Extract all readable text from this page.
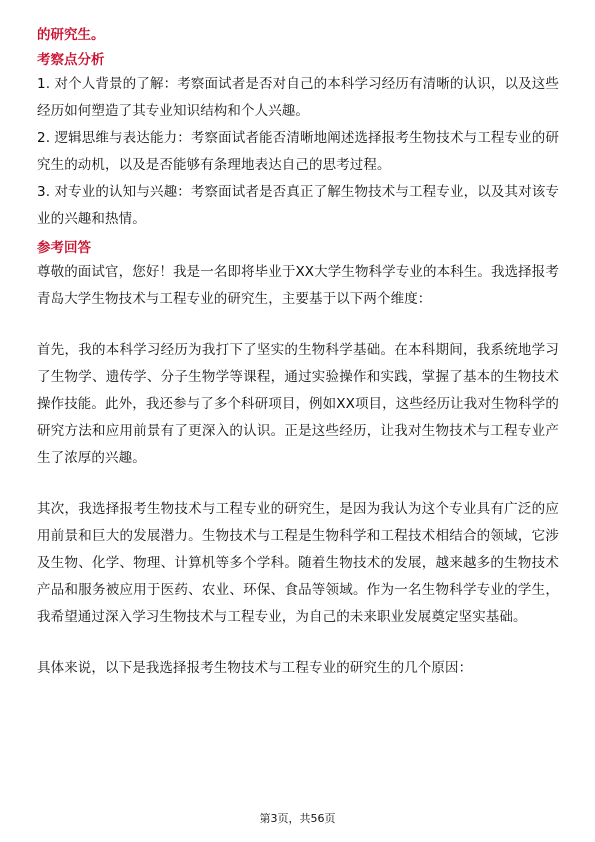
的研究生。

考察点分析

1. 对个人背景的了解：考察面试者是否对自己的本科学习经历有清晰的认识，以及这些经历如何塑造了其专业知识结构和个人兴趣。

2. 逻辑思维与表达能力：考察面试者能否清晰地阐述选择报考生物技术与工程专业的研究生的动机，以及是否能够有条理地表达自己的思考过程。

3. 对专业的认知与兴趣：考察面试者是否真正了解生物技术与工程专业，以及其对该专业的兴趣和热情。

参考回答

尊敬的面试官，您好！我是一名即将毕业于XX大学生物科学专业的本科生。我选择报考青岛大学生物技术与工程专业的研究生，主要基于以下两个维度：

首先，我的本科学习经历为我打下了坚实的生物科学基础。在本科期间，我系统地学习了生物学、遗传学、分子生物学等课程，通过实验操作和实践，掌握了基本的生物技术操作技能。此外，我还参与了多个科研项目，例如XX项目，这些经历让我对生物科学的研究方法和应用前景有了更深入的认识。正是这些经历，让我对生物技术与工程专业产生了浓厚的兴趣。

其次，我选择报考生物技术与工程专业的研究生，是因为我认为这个专业具有广泛的应用前景和巨大的发展潜力。生物技术与工程是生物科学和工程技术相结合的领域，它涉及生物、化学、物理、计算机等多个学科。随着生物技术的发展，越来越多的生物技术产品和服务被应用于医药、农业、环保、食品等领域。作为一名生物科学专业的学生，我希望通过深入学习生物技术与工程专业，为自己的未来职业发展奠定坚实基础。

具体来说，以下是我选择报考生物技术与工程专业的研究生的几个原因：

第3页，共56页
